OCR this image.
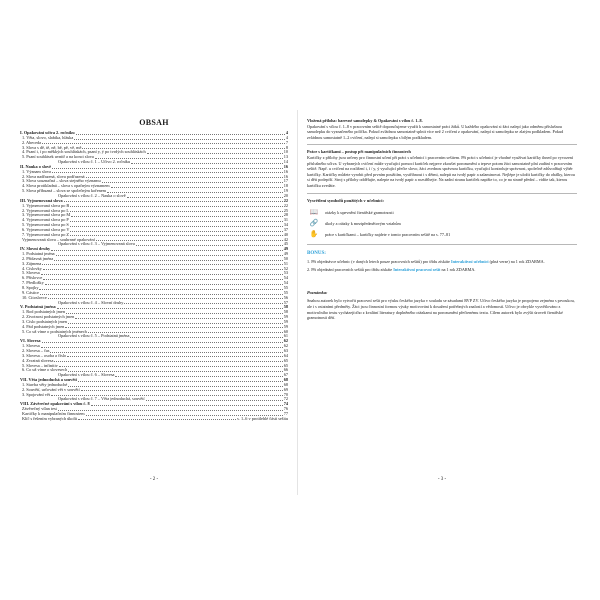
OBSAH
I. Opakování učiva 2. ročníku	4
1. Věta, slovo, slabika, hláska	4
2. Abeceda	7
3. Slova s dě, tě, ně, bě, pě, vě, mě	8
4. Psaní i, í po měkkých souhláskách, psaní y, ý po tvrdých souhláskách	10
5. Psaní souhlásek uvnitř a na konci slova	13
Opakování s vílou č. 1 – Učivo 2. ročníku	14
II. Nauka o slově	16
1. Význam slova	16
2. Slova nadřazená, slova podřazená	16
3. Slova souznačná – slova stejného významu	17
4. Slova protikladná – slova s opačným významem	18
5. Slova příbuzná – slova se společným kořenem	19
Opakování s vílou č. 2 – Nauka o slově	20
III. Vyjmenovaná slova	22
1. Vyjmenovaná slova po B	22
2. Vyjmenovaná slova po L	25
3. Vyjmenovaná slova po M	28
4. Vyjmenovaná slova po P	31
5. Vyjmenovaná slova po S	34
6. Vyjmenovaná slova po V	37
7. Vyjmenovaná slova po Z	40
Vyjmenovaná slova – souhrnné opakování	42
Opakování s vílou č. 3 – Vyjmenovaná slova	45
IV. Slovní druhy	49
1. Podstatná jména	49
2. Přídavná jména	50
3. Zájmena	51
4. Číslovky	52
5. Slovesa	53
6. Příslovce	54
7. Předložky	54
8. Spojky	55
9. Částice	55
10. Citoslovce	56
Opakování s vílou č. 4 – Slovní druhy	57
V. Podstatná jména	58
1. Rod podstatných jmen	58
2. Životnost podstatných jmen	59
3. Číslo podstatných jmen	59
4. Pád podstatných jmen	59
5. Co už víme o podstatných jménech	60
Opakování s vílou č. 5 – Podstatná jména	61
VI. Slovesa	62
1. Slovesa	62
2. Slovesa – čas	63
3. Slovesa – osoba a číslo	64
4. Zvratná slovesa	65
5. Slovesa – infinitiv	65
6. Co už víme o slovesech	66
Opakování s vílou č. 6 – Slovesa	67
VII. Věta jednoduchá a souvětí	68
1. Stavba věty jednoduché	68
2. Souvětí, určování vět v souvětí	69
3. Spojování vět	70
Opakování s vílou č. 7 – Věta jednoduchá, souvětí	72
VIII. Závěrečné opakování s vílou č. 8	74
Závěrečný vílan test	76
Kartičky k manipulačním činnostem	77
Klíč s řešením vybraných úkolů	s. 1–6 v protilehlé části sešitu
- 2 -
Vložená příloha: barevné samolepky & Opakování s vílou č. 1–8.
Opakování s vílou č. 1–8 v pracovním sešitě doporučujeme využít k samostatné práci žáků. U každého opakování si žáci nalepí jako odměnu příslušnou samolepku do vyznačeného políčka. Pokud zvládnou samostatně splnit více než 2 cvičení z opakování, nalepí si samolepku se zlatým podkladem. Pokud zvládnou samostatně 1–2 cvičení, nalepí si samolepku s bílým podkladem.
Práce s kartičkami – postup při manipulačních činnostech
Kartičky z přílohy jsou určeny pro činnostní učení při práci s učebnicí i pracovním sešitem. Při práci s učebnicí je vhodné využívat kartičky ihned po vyvození příslušného učiva. U vybraných cvičení může vyučující pomocí kartiček nejprve zkoušet porozumění a teprve potom žáci samostatně plní zadání v pracovním sešitě. Např. u cvičení na rozlišení i, í / y, ý vyučující přečte slovo, žáci zvednou správnou kartičku, vyučující kontroluje správnost, společně zdůvodňují výběr kartičky. Kartičky můžete vyrobit před prvním použitím, vystřihnout i s dětmi, nalepit na tvrdý papír a zalaminovat. Nejlépe je uložit kartičky do obálky, kterou si děti podepíší. Stroj s přílohy oddělujte, nalepte na tvrdý papír a rozstříhejte. Na zadní stranu kartiček napište to, co je na straně přední – vidíte tak, kterou kartičku zvedáte.
Vysvětlení symbolů použitých v učebnici:
📖	otázky k upevnění čtenářské gramotnosti
🔗	úkoly a otázky k mezipředmětovým vztahům
✋	práce s kartičkami – kartičky najdete v tomto pracovním sešitě na s. 77–81
BONUS:
1. Při objednávce učebnic (v daných letech pouze pracovních sešitů) pro třídu získáte Interaktivní učebnici (plná verze) na 1 rok ZDARMA.
2. Při objednání pracovních sešitů pro třídu získáte Interaktivní pracovní sešit na 1 rok ZDARMA.
Poznámka:
Snahou autorek bylo vytvořit pracovní sešit pro výuku českého jazyka v souladu se zásadami RVP ZV. Učivo českého jazyka je propojeno zejména s prvoukou, ale i s ostatními předměty. Žáci jsou činnostní formou výuky motivováni k dosažení potřebných znalostí a vědomostí. Učivo je obvykle vysvětlováno z motivačního textu vycházejícího z kvalitní literatury doplněného otázkami na porozumění přečtenému textu. Cílem autorek bylo zvýšit úroveň čtenářské gramotnosti dětí.
- 3 -
